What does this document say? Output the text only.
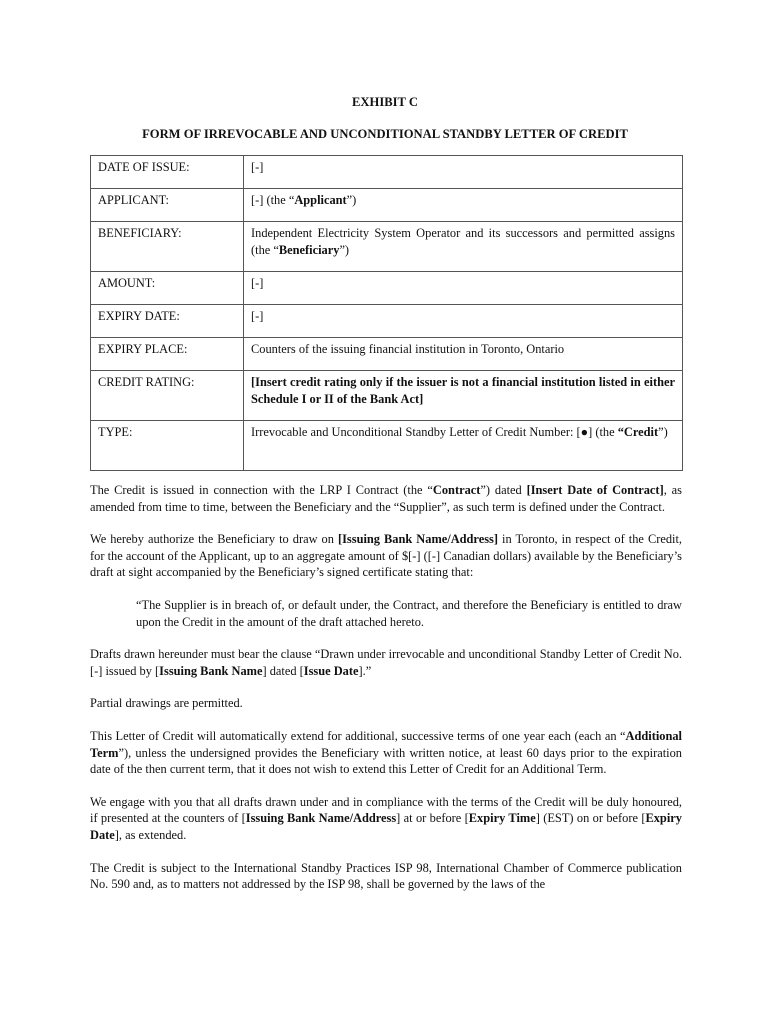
EXHIBIT C
FORM OF IRREVOCABLE AND UNCONDITIONAL STANDBY LETTER OF CREDIT
DATE OF ISSUE:	[-]
APPLICANT:	[-] (the “Applicant”)
BENEFICIARY:	Independent Electricity System Operator and its successors and permitted assigns (the “Beneficiary”)
AMOUNT:	[-]
EXPIRY DATE:	[-]
EXPIRY PLACE:	Counters of the issuing financial institution in Toronto, Ontario
CREDIT RATING:	[Insert credit rating only if the issuer is not a financial institution listed in either Schedule I or II of the Bank Act]
TYPE:	Irrevocable and Unconditional Standby Letter of Credit Number: [●] (the “Credit”)

The Credit is issued in connection with the LRP I Contract (the “Contract”) dated [Insert Date of Contract], as amended from time to time, between the Beneficiary and the “Supplier”, as such term is defined under the Contract.

We hereby authorize the Beneficiary to draw on [Issuing Bank Name/Address] in Toronto, in respect of the Credit, for the account of the Applicant, up to an aggregate amount of $[-] ([-] Canadian dollars) available by the Beneficiary’s draft at sight accompanied by the Beneficiary’s signed certificate stating that:

“The Supplier is in breach of, or default under, the Contract, and therefore the Beneficiary is entitled to draw upon the Credit in the amount of the draft attached hereto.

Drafts drawn hereunder must bear the clause “Drawn under irrevocable and unconditional Standby Letter of Credit No. [-] issued by [Issuing Bank Name] dated [Issue Date].”

Partial drawings are permitted.

This Letter of Credit will automatically extend for additional, successive terms of one year each (each an “Additional Term”), unless the undersigned provides the Beneficiary with written notice, at least 60 days prior to the expiration date of the then current term, that it does not wish to extend this Letter of Credit for an Additional Term.

We engage with you that all drafts drawn under and in compliance with the terms of the Credit will be duly honoured, if presented at the counters of [Issuing Bank Name/Address] at or before [Expiry Time] (EST) on or before [Expiry Date], as extended.

The Credit is subject to the International Standby Practices ISP 98, International Chamber of Commerce publication No. 590 and, as to matters not addressed by the ISP 98, shall be governed by the laws of the
